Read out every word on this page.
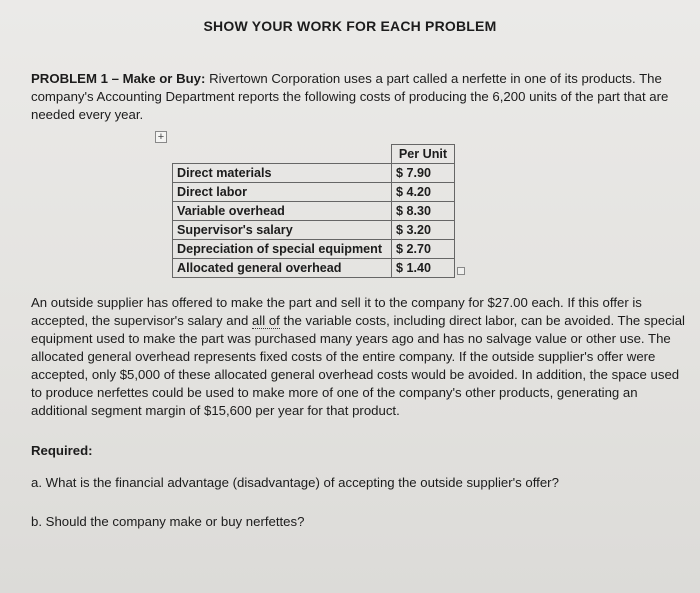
SHOW YOUR WORK FOR EACH PROBLEM
PROBLEM 1 – Make or Buy: Rivertown Corporation uses a part called a nerfette in one of its products. The company's Accounting Department reports the following costs of producing the 6,200 units of the part that are needed every year.
+
	Per Unit
Direct materials	$ 7.90
Direct labor	$ 4.20
Variable overhead	$ 8.30
Supervisor's salary	$ 3.20
Depreciation of special equipment	$ 2.70
Allocated general overhead	$ 1.40
An outside supplier has offered to make the part and sell it to the company for $27.00 each. If this offer is accepted, the supervisor's salary and all of the variable costs, including direct labor, can be avoided. The special equipment used to make the part was purchased many years ago and has no salvage value or other use. The allocated general overhead represents fixed costs of the entire company. If the outside supplier's offer were accepted, only $5,000 of these allocated general overhead costs would be avoided. In addition, the space used to produce nerfettes could be used to make more of one of the company's other products, generating an additional segment margin of $15,600 per year for that product.
Required:
a. What is the financial advantage (disadvantage) of accepting the outside supplier's offer?
b. Should the company make or buy nerfettes?
